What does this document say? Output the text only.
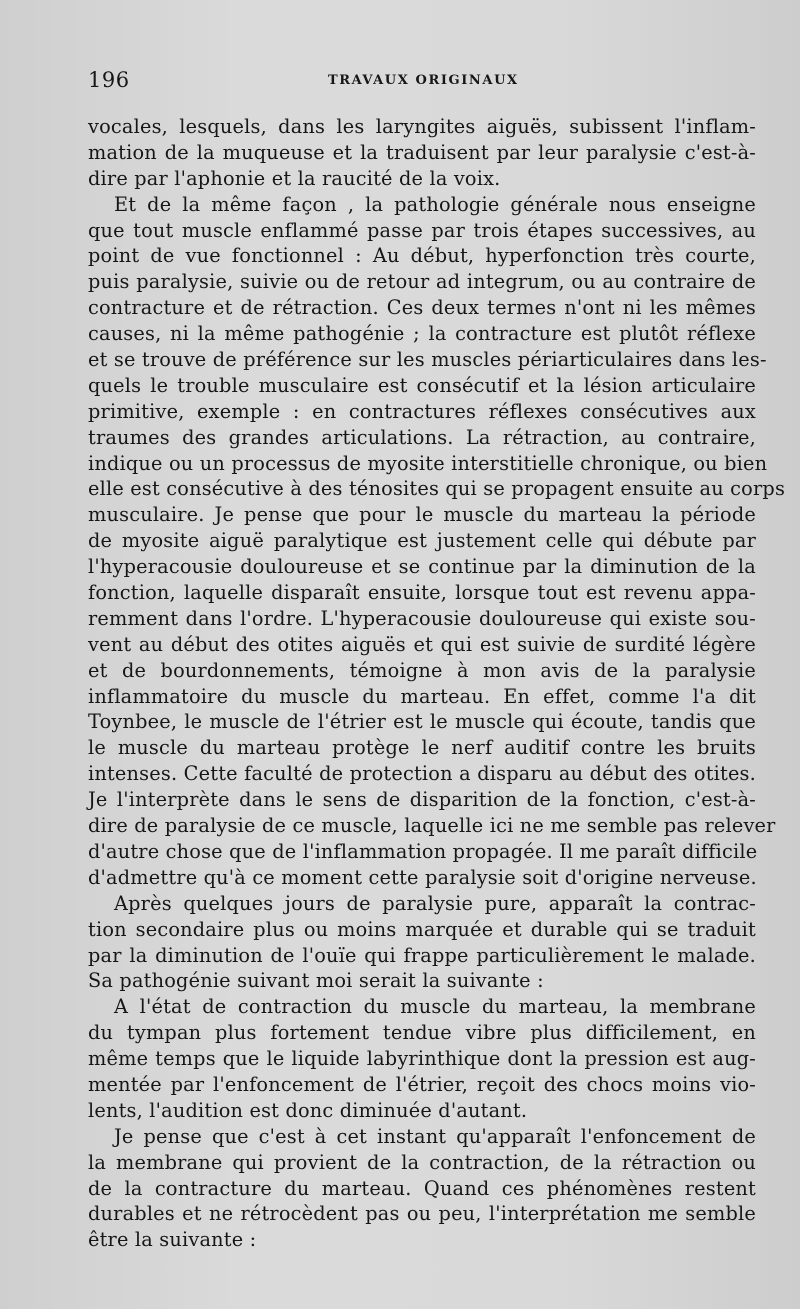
196	TRAVAUX ORIGINAUX
vocales, lesquels, dans les laryngites aiguës, subissent l'inflam-
mation de la muqueuse et la traduisent par leur paralysie c'est-à-
dire par l'aphonie et la raucité de la voix.
Et de la même façon , la pathologie générale nous enseigne
que tout muscle enflammé passe par trois étapes successives, au
point de vue fonctionnel : Au début, hyperfonction très courte,
puis paralysie, suivie ou de retour ad integrum, ou au contraire de
contracture et de rétraction. Ces deux termes n'ont ni les mêmes
causes, ni la même pathogénie ; la contracture est plutôt réflexe
et se trouve de préférence sur les muscles périarticulaires dans les-
quels le trouble musculaire est consécutif et la lésion articulaire
primitive, exemple : en contractures réflexes consécutives aux
traumes des grandes articulations. La rétraction, au contraire,
indique ou un processus de myosite interstitielle chronique, ou bien
elle est consécutive à des ténosites qui se propagent ensuite au corps
musculaire. Je pense que pour le muscle du marteau la période
de myosite aiguë paralytique est justement celle qui débute par
l'hyperacousie douloureuse et se continue par la diminution de la
fonction, laquelle disparaît ensuite, lorsque tout est revenu appa-
remment dans l'ordre. L'hyperacousie douloureuse qui existe sou-
vent au début des otites aiguës et qui est suivie de surdité légère
et de bourdonnements, témoigne à mon avis de la paralysie
inflammatoire du muscle du marteau. En effet, comme l'a dit
Toynbee, le muscle de l'étrier est le muscle qui écoute, tandis que
le muscle du marteau protège le nerf auditif contre les bruits
intenses. Cette faculté de protection a disparu au début des otites.
Je l'interprète dans le sens de disparition de la fonction, c'est-à-
dire de paralysie de ce muscle, laquelle ici ne me semble pas relever
d'autre chose que de l'inflammation propagée. Il me paraît difficile
d'admettre qu'à ce moment cette paralysie soit d'origine nerveuse.
Après quelques jours de paralysie pure, apparaît la contrac-
tion secondaire plus ou moins marquée et durable qui se traduit
par la diminution de l'ouïe qui frappe particulièrement le malade.
Sa pathogénie suivant moi serait la suivante :
A l'état de contraction du muscle du marteau, la membrane
du tympan plus fortement tendue vibre plus difficilement, en
même temps que le liquide labyrinthique dont la pression est aug-
mentée par l'enfoncement de l'étrier, reçoit des chocs moins vio-
lents, l'audition est donc diminuée d'autant.
Je pense que c'est à cet instant qu'apparaît l'enfoncement de
la membrane qui provient de la contraction, de la rétraction ou
de la contracture du marteau. Quand ces phénomènes restent
durables et ne rétrocèdent pas ou peu, l'interprétation me semble
être la suivante :
